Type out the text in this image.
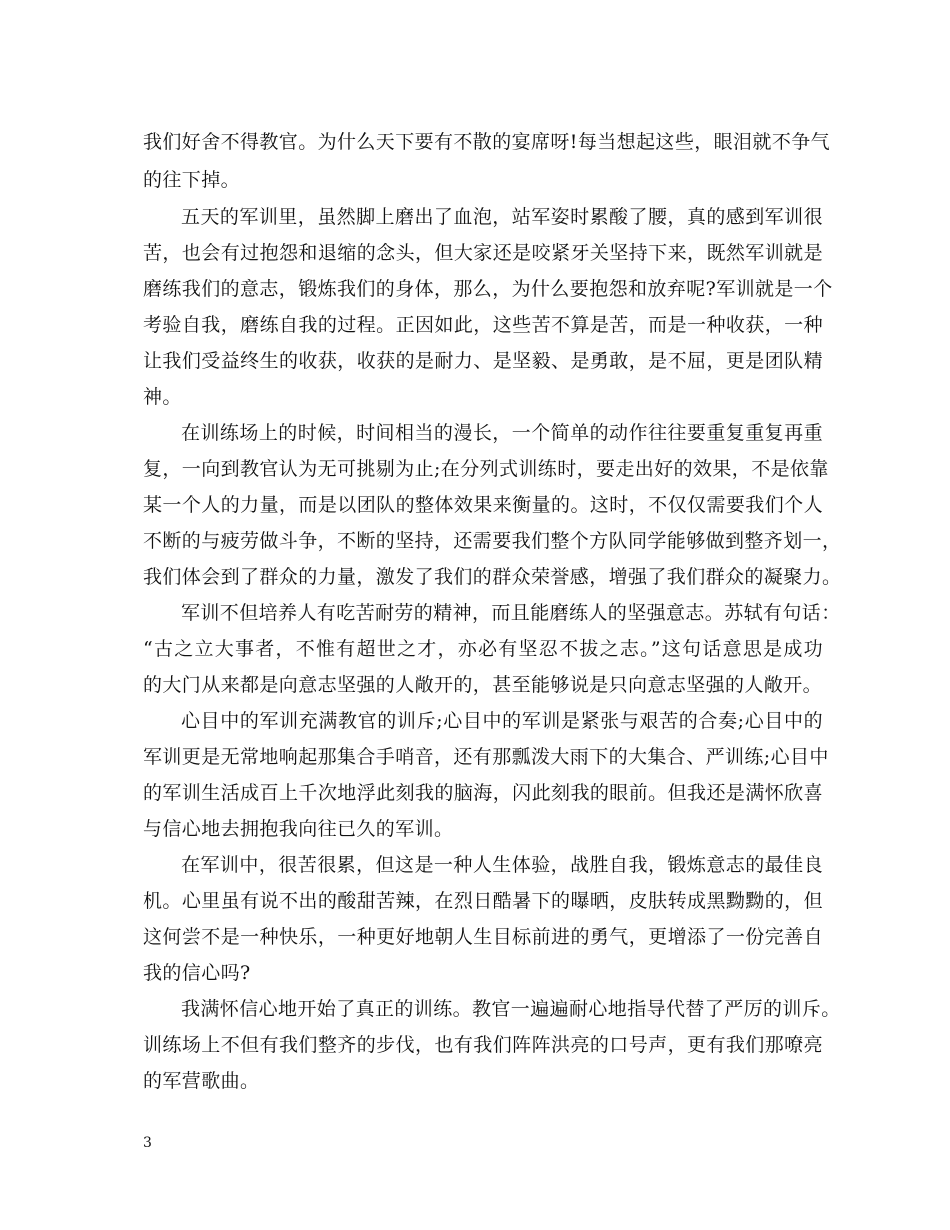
我们好舍不得教官。为什么天下要有不散的宴席呀!每当想起这些，眼泪就不争气
的往下掉。
五天的军训里，虽然脚上磨出了血泡，站军姿时累酸了腰，真的感到军训很
苦，也会有过抱怨和退缩的念头，但大家还是咬紧牙关坚持下来，既然军训就是
磨练我们的意志，锻炼我们的身体，那么，为什么要抱怨和放弃呢?军训就是一个
考验自我，磨练自我的过程。正因如此，这些苦不算是苦，而是一种收获，一种
让我们受益终生的收获，收获的是耐力、是坚毅、是勇敢，是不屈，更是团队精
神。
在训练场上的时候，时间相当的漫长，一个简单的动作往往要重复重复再重
复，一向到教官认为无可挑剔为止;在分列式训练时，要走出好的效果，不是依靠
某一个人的力量，而是以团队的整体效果来衡量的。这时，不仅仅需要我们个人
不断的与疲劳做斗争，不断的坚持，还需要我们整个方队同学能够做到整齐划一，
我们体会到了群众的力量，激发了我们的群众荣誉感，增强了我们群众的凝聚力。
军训不但培养人有吃苦耐劳的精神，而且能磨练人的坚强意志。苏轼有句话：
“古之立大事者，不惟有超世之才，亦必有坚忍不拔之志。”这句话意思是成功
的大门从来都是向意志坚强的人敞开的，甚至能够说是只向意志坚强的人敞开。
心目中的军训充满教官的训斥;心目中的军训是紧张与艰苦的合奏;心目中的
军训更是无常地响起那集合手哨音，还有那瓢泼大雨下的大集合、严训练;心目中
的军训生活成百上千次地浮此刻我的脑海，闪此刻我的眼前。但我还是满怀欣喜
与信心地去拥抱我向往已久的军训。
在军训中，很苦很累，但这是一种人生体验，战胜自我，锻炼意志的最佳良
机。心里虽有说不出的酸甜苦辣，在烈日酷暑下的曝晒，皮肤转成黑黝黝的，但
这何尝不是一种快乐，一种更好地朝人生目标前进的勇气，更增添了一份完善自
我的信心吗?
我满怀信心地开始了真正的训练。教官一遍遍耐心地指导代替了严厉的训斥。
训练场上不但有我们整齐的步伐，也有我们阵阵洪亮的口号声，更有我们那嘹亮
的军营歌曲。
3
